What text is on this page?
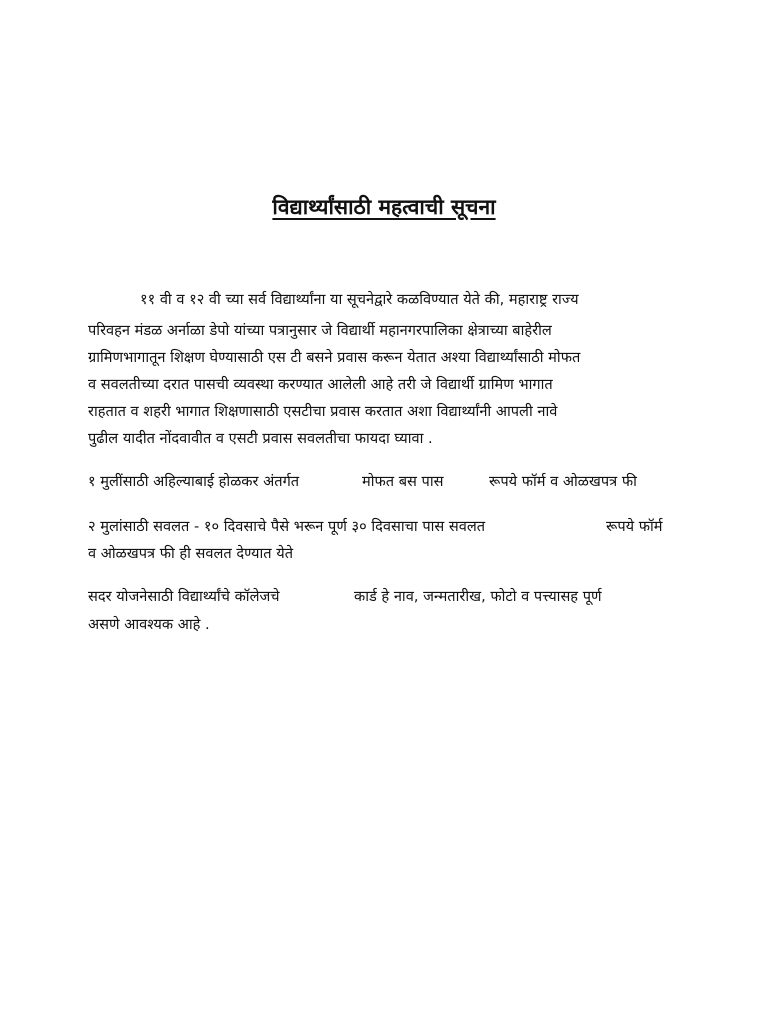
विद्यार्थ्यांसाठी महत्वाची सूचना
११ वी व १२ वी च्या सर्व विद्यार्थ्यांना या सूचनेद्वारे कळविण्यात येते की, महाराष्ट्र राज्य
परिवहन मंडळ अर्नाळा डेपो यांच्या पत्रानुसार जे विद्यार्थी महानगरपालिका क्षेत्राच्या बाहेरील
ग्रामिणभागातून शिक्षण घेण्यासाठी एस टी बसने प्रवास करून येतात अश्या विद्यार्थ्यांसाठी मोफत
व सवलतीच्या दरात पासची व्यवस्था करण्यात आलेली आहे तरी जे विद्यार्थी ग्रामिण भागात
राहतात व शहरी भागात शिक्षणासाठी एसटीचा प्रवास करतात अशा विद्यार्थ्यांनी आपली नावे
पुढील यादीत नोंदवावीत व एसटी प्रवास सवलतीचा फायदा घ्यावा .
१ मुलींसाठी अहिल्याबाई होळकर अंतर्गत	मोफत बस पास	रूपये फॉर्म व ओळखपत्र फी
२ मुलांसाठी सवलत - १० दिवसाचे पैसे भरून पूर्ण ३० दिवसाचा पास सवलत	रूपये फॉर्म
व ओळखपत्र फी ही सवलत देण्यात येते
सदर योजनेसाठी विद्यार्थ्यांचे कॉलेजचे	कार्ड हे नाव, जन्मतारीख, फोटो व पत्त्यासह पूर्ण
असणे आवश्यक आहे .
